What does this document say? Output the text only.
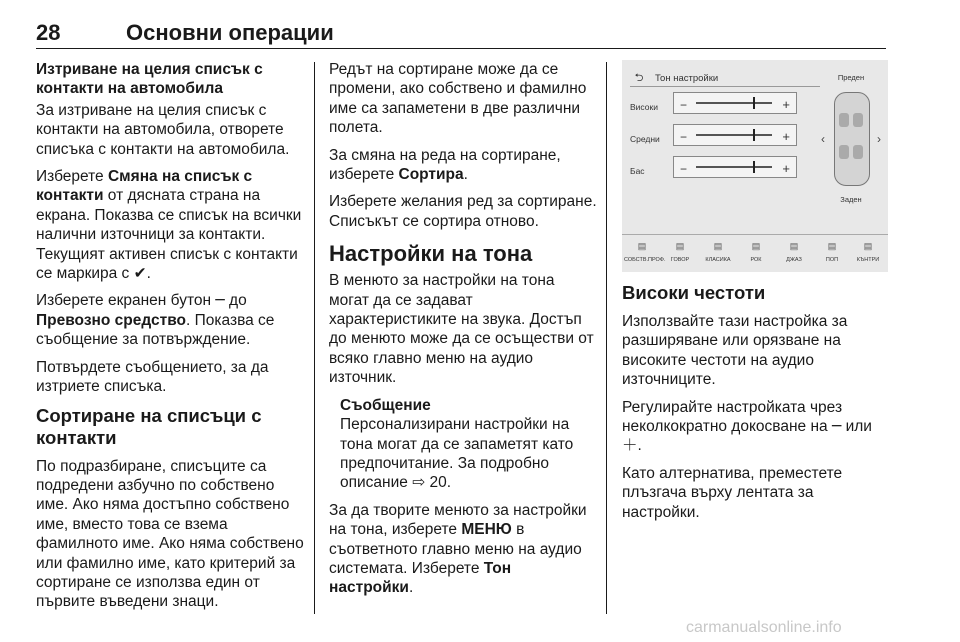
28	Основни операции

Изтриване на целия списък с контакти на автомобила

За изтриване на целия списък с контакти на автомобила, отворете списъка с контакти на автомобила.

Изберете Смяна на списък с контакти от дясната страна на екрана. Показва се списък на всички налични източници за контакти. Текущият активен списък с контакти се маркира с ✔.

Изберете екранен бутон ─ до Превозно средство. Показва се съобщение за потвърждение.

Потвърдете съобщението, за да изтриете списъка.

Сортиране на списъци с контакти

По подразбиране, списъците са подредени азбучно по собствено име. Ако няма достъпно собствено име, вместо това се взема фамилното име. Ако няма собствено или фамилно име, като критерий за сортиране се използва един от първите въведени знаци.

Редът на сортиране може да се промени, ако собствено и фамилно име са запаметени в две различни полета.

За смяна на реда на сортиране, изберете Сортира.

Изберете желания ред за сортиране. Списъкът се сортира отново.

Настройки на тона

В менюто за настройки на тона могат да се задават характеристиките на звука. Достъп до менюто може да се осъществи от всяко главно меню на аудио източник.

Съобщение

Персонализирани настройки на тона могат да се запаметят като предпочитание. За подробно описание ⇨ 20.

За да творите менюто за настройки на тона, изберете МЕНЮ в съответното главно меню на аудио системата. Изберете Тон настройки.

⮌	Тон настройки
Високи −	+
Средни −	+
Бас	−	+
Преден
‹	›
Заден
▤
СОБСТВ.ПРОФ.
▤
ГОВОР
▤
КЛАСИКА
▤
РОК
▤
ДЖАЗ
▤
ПОП
▤
КЪНТРИ

Високи честоти

Използвайте тази настройка за разширяване или орязване на високите честоти на аудио източниците.

Регулирайте настройката чрез неколкократно докосване на ─ или ＋.

Като алтернатива, преместете плъзгача върху лентата за настройки.

carmanualsonline.info
